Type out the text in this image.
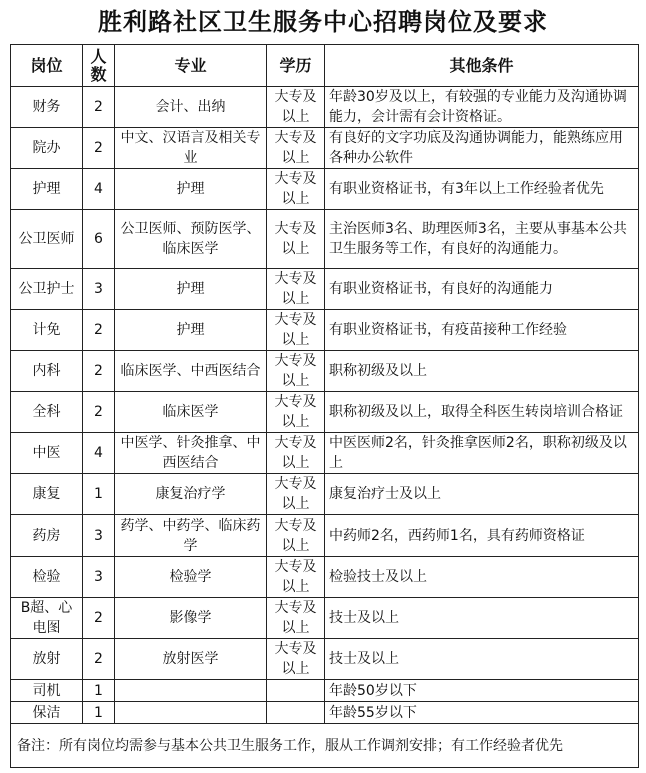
胜利路社区卫生服务中心招聘岗位及要求
岗位	人数	专业	学历	其他条件
财务	2	会计、出纳	大专及以上	年龄30岁及以上，有较强的专业能力及沟通协调能力，会计需有会计资格证。
院办	2	中文、汉语言及相关专业	大专及以上	有良好的文字功底及沟通协调能力，能熟练应用各种办公软件
护理	4	护理	大专及以上	有职业资格证书，有3年以上工作经验者优先
公卫医师	6	公卫医师、预防医学、临床医学	大专及以上	主治医师3名、助理医师3名，主要从事基本公共卫生服务等工作，有良好的沟通能力。
公卫护士	3	护理	大专及以上	有职业资格证书，有良好的沟通能力
计免	2	护理	大专及以上	有职业资格证书，有疫苗接种工作经验
内科	2	临床医学、中西医结合	大专及以上	职称初级及以上
全科	2	临床医学	大专及以上	职称初级及以上，取得全科医生转岗培训合格证
中医	4	中医学、针灸推拿、中西医结合	大专及以上	中医医师2名，针灸推拿医师2名，职称初级及以上
康复	1	康复治疗学	大专及以上	康复治疗士及以上
药房	3	药学、中药学、临床药学	大专及以上	中药师2名，西药师1名，具有药师资格证
检验	3	检验学	大专及以上	检验技士及以上
B超、心电图	2	影像学	大专及以上	技士及以上
放射	2	放射医学	大专及以上	技士及以上
司机	1			年龄50岁以下
保洁	1			年龄55岁以下
备注：所有岗位均需参与基本公共卫生服务工作，服从工作调剂安排；有工作经验者优先				
